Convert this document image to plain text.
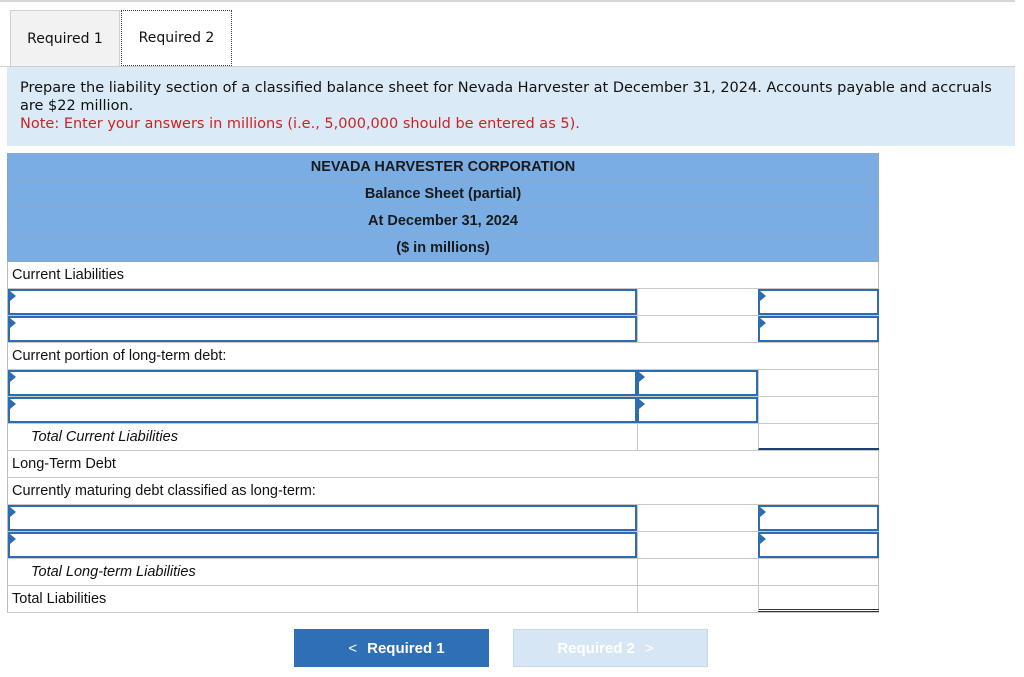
Required 1	Required 2
Prepare the liability section of a classified balance sheet for Nevada Harvester at December 31, 2024. Accounts payable and accruals are $22 million.
Note: Enter your answers in millions (i.e., 5,000,000 should be entered as 5).
NEVADA HARVESTER CORPORATION
Balance Sheet (partial)
At December 31, 2024
($ in millions)
Current Liabilities
Current portion of long-term debt:
Total Current Liabilities
Long-Term Debt
Currently maturing debt classified as long-term:
Total Long-term Liabilities
Total Liabilities
< Required 1	Required 2 >
